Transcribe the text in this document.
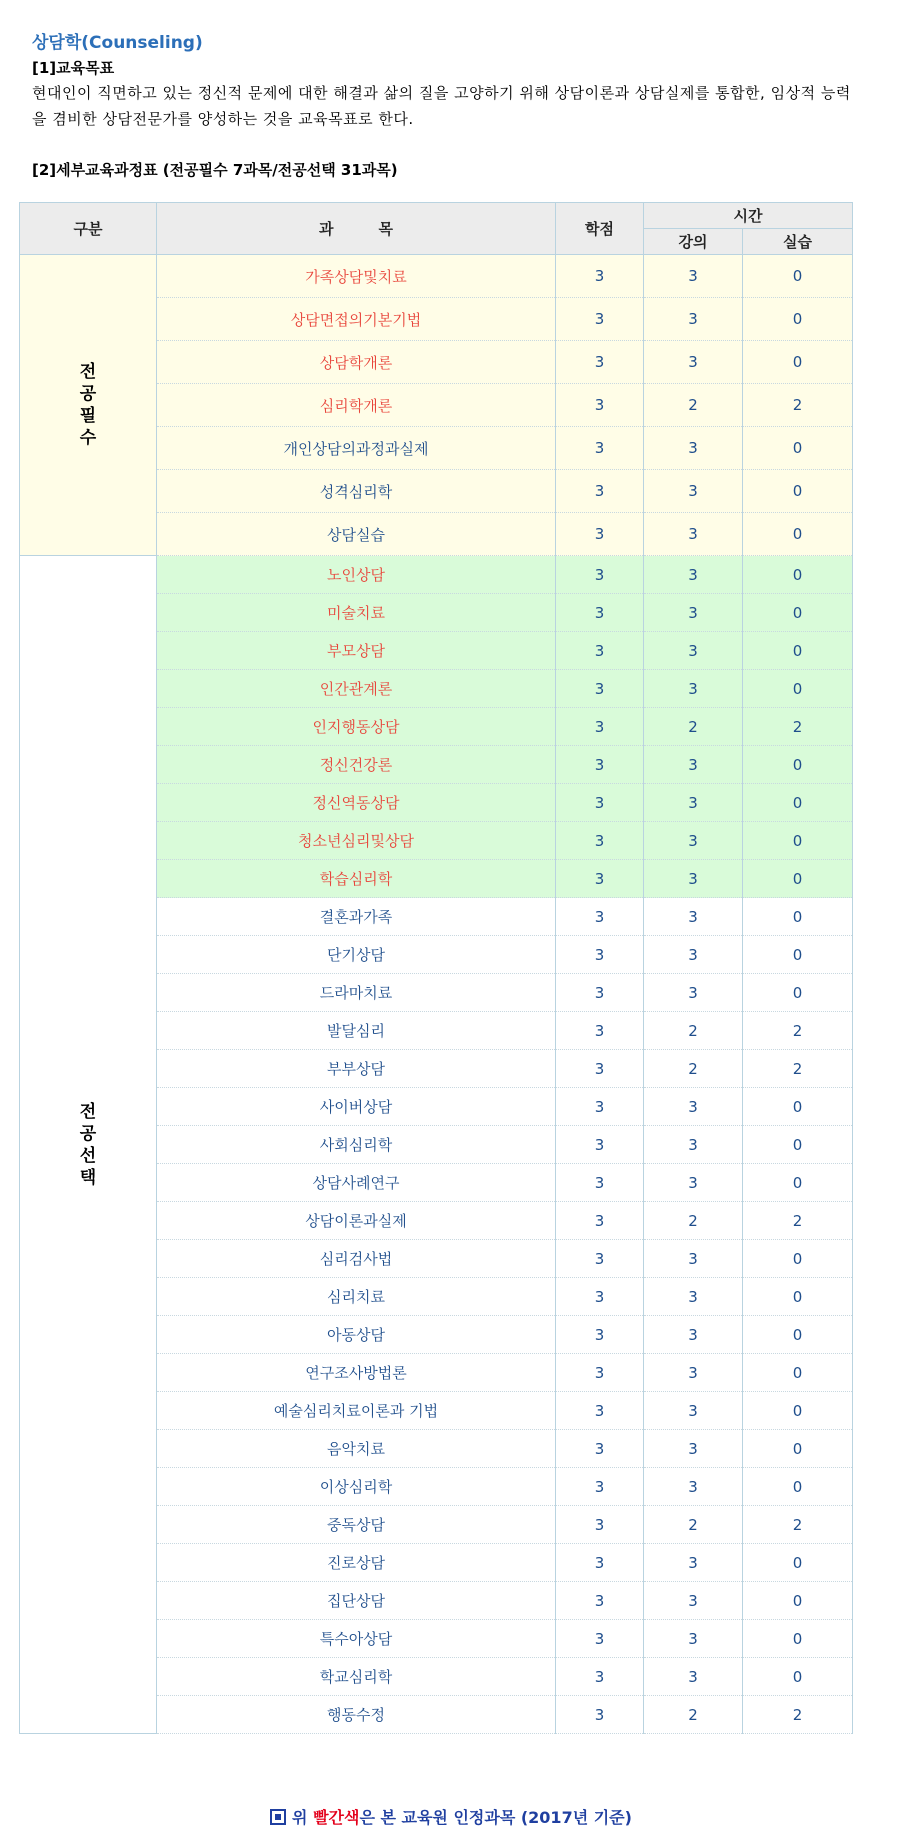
상담학(Counseling)
[1]교육목표
현대인이 직면하고 있는 정신적 문제에 대한 해결과 삶의 질을 고양하기 위해 상담이론과 상담실제를 통합한, 임상적 능력을 겸비한 상담전문가를 양성하는 것을 교육목표로 한다.
[2]세부교육과정표 (전공필수 7과목/전공선택 31과목)
구분	과　　　목	학점	시간	
			강의	실습
전
공
필
수	가족상담및치료	3	3	0
	상담면접의기본기법	3	3	0
	상담학개론	3	3	0
	심리학개론	3	2	2
	개인상담의과정과실제	3	3	0
	성격심리학	3	3	0
	상담실습	3	3	0
전
공
선
택	노인상담	3	3	0
	미술치료	3	3	0
	부모상담	3	3	0
	인간관계론	3	3	0
	인지행동상담	3	2	2
	정신건강론	3	3	0
	정신역동상담	3	3	0
	청소년심리및상담	3	3	0
	학습심리학	3	3	0
	결혼과가족	3	3	0
	단기상담	3	3	0
	드라마치료	3	3	0
	발달심리	3	2	2
	부부상담	3	2	2
	사이버상담	3	3	0
	사회심리학	3	3	0
	상담사례연구	3	3	0
	상담이론과실제	3	2	2
	심리검사법	3	3	0
	심리치료	3	3	0
	아동상담	3	3	0
	연구조사방법론	3	3	0
	예술심리치료이론과 기법	3	3	0
	음악치료	3	3	0
	이상심리학	3	3	0
	중독상담	3	2	2
	진로상담	3	3	0
	집단상담	3	3	0
	특수아상담	3	3	0
	학교심리학	3	3	0
	행동수정	3	2	2
위 빨간색은 본 교육원 인정과목 (2017년 기준)
